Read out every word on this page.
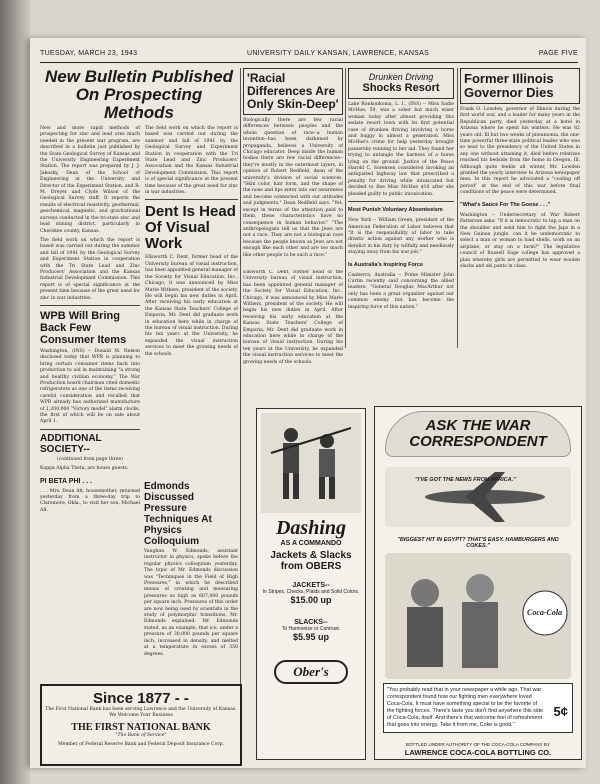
TUESDAY, MARCH 23, 1943	UNIVERSITY DAILY KANSAN, LAWRENCE, KANSAS	PAGE FIVE
New Bulletin Published On Prospecting Methods

New and more rapid methods of prospecting for zinc and lead ores much needed in the present war program, are described in a bulletin just published by the State Geological Survey of Kansas and the University Engineering Experiment Station. The report was prepared by J. J. Jakosky, Dean of the School of Engineering at the University and Director of the Experiment Station, and R. M. Dreyer and Clyde Wilson of the Geological Survey staff. It reports the results of electrical resistivity, geothermal, geochemical, magnetic, and gravitational surveys conducted in the tri-state zinc and lead mining district, particularly in Cherokee county, Kansas.

The field work on which the report is based was carried out during the summer and fall of 1941 by the Geological Survey and Experiment Station in cooperation with the Tri State Lead and Zinc Producers' Association and the Kansas Industrial Development Commission. This report is of special significance at the present time because of the great need for zinc in war industries.

WPB Will Bring Back Few Consumer Items

Washington, (INS) -- Donald M. Nelson disclosed today that WPB is planning to bring certain consumer items back into production to aid in maintaining "a strong and healthy civilian economy." The War Production board chairman cited domestic refrigerators as one of the items receiving careful consideration and recalled that WPB already has authorized manufacture of 1,200,000 "Victory model" alarm clocks, the first of which will be on sale about April 1.

ADDITIONAL SOCIETY--

(continued from page three)

Kappa Alpha Theta, are house guests.

PI BETA PHI . . .

. . . Mrs. Dean Alt, housemother, returned yesterday from a three-day trip to Claremore, Okla., to visit her son, Michael Alt.

The field work on which the report is based was carried out during the summer and fall of 1941 by the Geological Survey and Experiment Station in cooperation with the Tri State Lead and Zinc Producers' Association and the Kansas Industrial Development Commission. This report is of special significance at the present time because of the great need for zinc in war industries.

Dent Is Head Of Visual Work

Ellsworth C. Dent, former head of the University bureau of visual instruction, has been appointed general manager of the Society for Visual Education, Inc., Chicago, it was announced by Miss Marie Withers, president of the society. He will begin his new duties in April. After receiving his early education at the Kansas State Teachers' College of Emporia, Mr. Dent did graduate work in education here while in charge of the bureau of visual instruction. During his ten years at the University, he expanded the visual instruction services to meet the growing needs of the schools.

'Racial Differences Are Only Skin-Deep'

Biologically there are few racial differences between peoples and the whole question of race--a human invention--has been darkened by propaganda, believes a University of Chicago educator. Deep inside the human bodies there are few racial differences--they're mostly in the outermost layers, in opinion of Robert Redfield, dean of the university's division of social sciences. "Skin color, hair form, and the shape of the nose and lips enter into our awareness and become connected with our attitudes and judgments," Dean Redfield says. "Yet, except in terms of the attention paid to them, these characteristics have no consequence in human behavior." "The anthropologists tell us that the Jews are not a race. They are not a biological race because the people known as Jews are not enough like each other and are too much like other people to be such a race."

Ellsworth C. Dent, former head of the University bureau of visual instruction, has been appointed general manager of the Society for Visual Education, Inc., Chicago, it was announced by Miss Marie Withers, president of the society. He will begin his new duties in April. After receiving his early education at the Kansas State Teachers' College of Emporia, Mr. Dent did graduate work in education here while in charge of the bureau of visual instruction. During his ten years at the University, he expanded the visual instruction services to meet the growing needs of the schools.

Edmonds Discussed Pressure Techniques At Physics Colloquium

Vaughan W. Edmonds, assistant instructor in physics, spoke before the regular physics colloquium yesterday. The topic of Mr. Edmonds discussion was "Techniques in the Field of High Pressures," in which he described means of creating and measuring pressures as high as 607,000 pounds per square inch. Pressures of this order are now being used by scientists in the study of polymorphic transitions, Mr. Edmonds explained. Mr. Edmonds stated, as an example, that ice, under a pressure of 30,000 pounds per square inch, increased in density, and melted at a temperature in excess of 350 degrees.

Drunken Driving
Shocks Resort

Lake Ronkonkoma, L. I., (INS) -- Miss Sadie McHue, 59, was a sober but much wiser woman today after almost providing this sedate resort town with its first potential case of drunken driving involving a horse and buggy in almost a generation. Miss McHue's crime for help yesterday brought passersby running to her aid. They found her trying to untangle the harness of a horse lying on the ground. Justice of the Peace Harold C. Sorensen considered invoking an antiquated highway law that prescribed a penalty for driving while intoxicated but decided to fine Miss McHue $10 after she pleaded guilty to public intoxication.

Most Punish Voluntary Absenteeism

New York -- William Green, president of the American Federation of Labor believes that "It is the responsibility of labor to take drastic action against any worker who is derelict in his duty by wilfully and needlessly staying away from his war job."

Is Australia's Inspiring Force

Canberra, Australia -- Prime Minister John Curtin recently said concerning the allied leaders: "General Douglas MacArthur not only has been a great organizer against our common enemy but has become the inspiring force of this nation."

Former Illinois Governor Dies

Frank O. Lowden, governor of Illinois during the first world war, and a leader for many years in the Republican party, died yesterday at a hotel in Arizona where he spent his winters. He was 82 years old. Ill but two weeks of pneumonia, the one-time powerful three-state political leader who was so near to the presidency of the United States in any one without attaining it, died before relatives reached his bedside from the home in Oregon, Ill. Although quite feeble all winter, Mr. Lowden granted the yearly interview to Arizona newspaper men. In this report he advocated a "cooling off period" at the end of this war before final conditions of the peace were determined.

"What's Sauce For The Goose . . ."

Washington -- Undersecretary of War Robert Patterson asks: "If it is democratic to tap a man on the shoulder and send him to fight the Japs in a New Guinea jungle, can it be undemocratic to select a man or woman to load shells, work on an airplane, or stay on a farm?" The legislative council of Russell Sage college has approved a plan whereby girls are permitted to wear woolen slacks and ski pants in class.

Dashing
AS A COMMANDO
Jackets & Slacks
from OBERS
JACKETS--
In Stripes, Checks, Plaids and Solid Colors.
$15.00 up
SLACKS--
To Harmonize or Contrast.
$5.95 up
Ober's
ASK THE WAR CORRESPONDENT
"I'VE GOT THE NEWS FROM AFRICA."
"BIGGEST HIT IN EGYPT? THAT'S EASY. HAMBURGERS AND COKES."
Coca-Cola
"You probably read that in your newspaper a while ago. That war correspondent found how our fighting men everywhere loved Coca-Cola. It must have something special to be the favorite of the fighting forces. There's taste you don't find anywhere this side of Coca-Cola, itself. And there's that welcome feel of refreshment that goes into energy. Take it from me, Coke is good."
5¢
BOTTLED UNDER AUTHORITY OF THE COCA-COLA COMPANY BY
LAWRENCE COCA-COLA BOTTLING CO.
Since 1877 - -
The First National Bank has been serving Lawrence and the University of Kansas.
We Welcome Your Business
THE FIRST NATIONAL BANK
"The Bank of Service"
Member of Federal Reserve Bank and Federal Deposit Insurance Corp.
